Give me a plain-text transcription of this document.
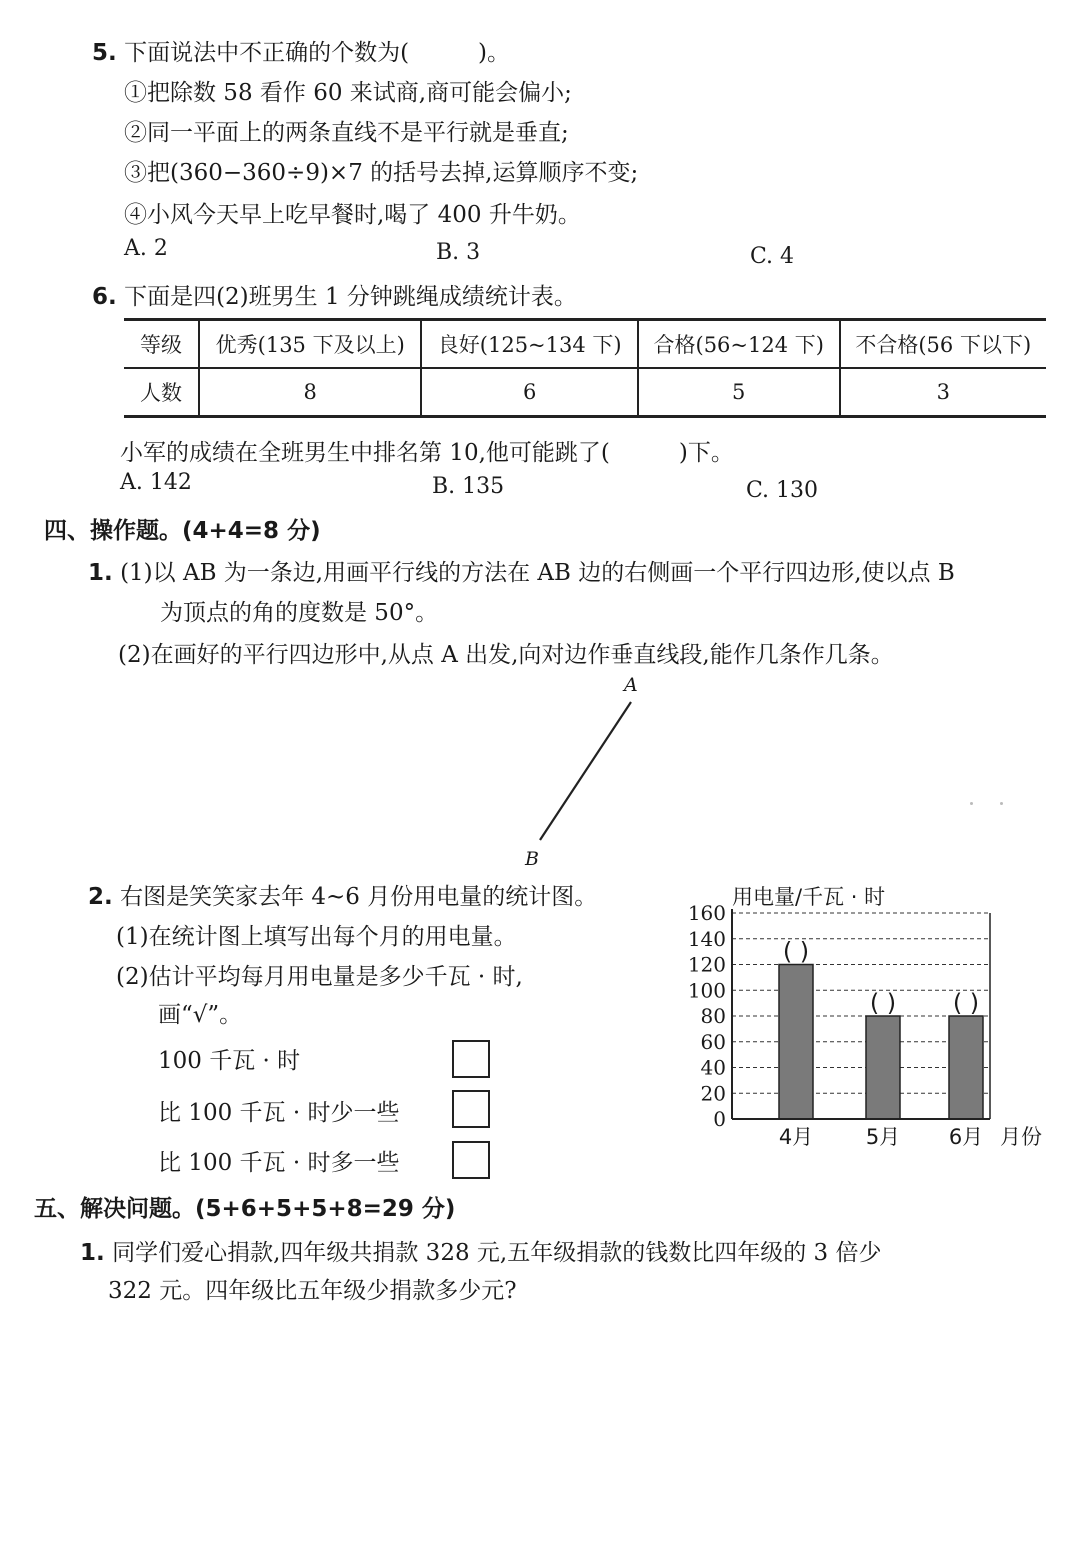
5. 下面说法中不正确的个数为(　　　)。
①把除数 58 看作 60 来试商,商可能会偏小;
②同一平面上的两条直线不是平行就是垂直;
③把(360−360÷9)×7 的括号去掉,运算顺序不变;
④小风今天早上吃早餐时,喝了 400 升牛奶。
A. 2	B. 3	C. 4
6. 下面是四(2)班男生 1 分钟跳绳成绩统计表。
等级	优秀(135 下及以上)	良好(125~134 下)	合格(56~124 下)	不合格(56 下以下)
人数	8	6	5	3
小军的成绩在全班男生中排名第 10,他可能跳了(　　　)下。
A. 142	B. 135	C. 130
四、操作题。(4+4=8 分)
1. (1)以 AB 为一条边,用画平行线的方法在 AB 边的右侧画一个平行四边形,使以点 B
为顶点的角的度数是 50°。
(2)在画好的平行四边形中,从点 A 出发,向对边作垂直线段,能作几条作几条。
A
B
2. 右图是笑笑家去年 4~6 月份用电量的统计图。
(1)在统计图上填写出每个月的用电量。
(2)估计平均每月用电量是多少千瓦 · 时,
画“√”。
100 千瓦 · 时
比 100 千瓦 · 时少一些
比 100 千瓦 · 时多一些
用电量/千瓦 · 时
0
20
40
60
80
100
120
140
160
( )
( ) ( )
4月	5月 6月 月份
五、解决问题。(5+6+5+5+8=29 分)
1. 同学们爱心捐款,四年级共捐款 328 元,五年级捐款的钱数比四年级的 3 倍少
322 元。四年级比五年级少捐款多少元?
